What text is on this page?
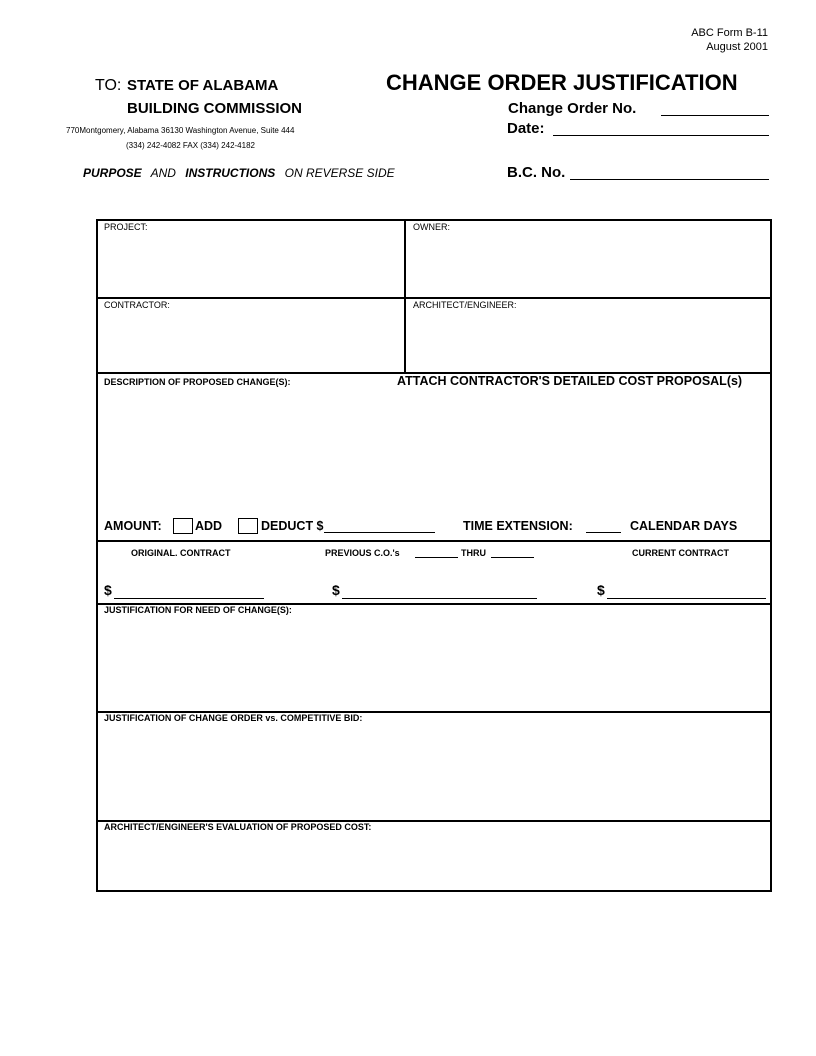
ABC Form B-11
August 2001
TO: STATE OF ALABAMA
BUILDING COMMISSION
770Montgomery, Alabama 36130 Washington Avenue, Suite 444
(334) 242-4082 FAX (334) 242-4182
PURPOSE AND INSTRUCTIONS ON REVERSE SIDE
CHANGE ORDER JUSTIFICATION
Change Order No.
Date:
B.C. No.
PROJECT:	OWNER:
CONTRACTOR:	ARCHITECT/ENGINEER:
DESCRIPTION OF PROPOSED CHANGE(S):	ATTACH CONTRACTOR'S DETAILED COST PROPOSAL(s)
AMOUNT:	ADD	DEDUCT $	TIME EXTENSION:	CALENDAR DAYS
ORIGINAL. CONTRACT	PREVIOUS C.O.'s	THRU	CURRENT CONTRACT
$	$	$
JUSTIFICATION FOR NEED OF CHANGE(S):
JUSTIFICATION OF CHANGE ORDER vs. COMPETITIVE BID:
ARCHITECT/ENGINEER'S EVALUATION OF PROPOSED COST:
